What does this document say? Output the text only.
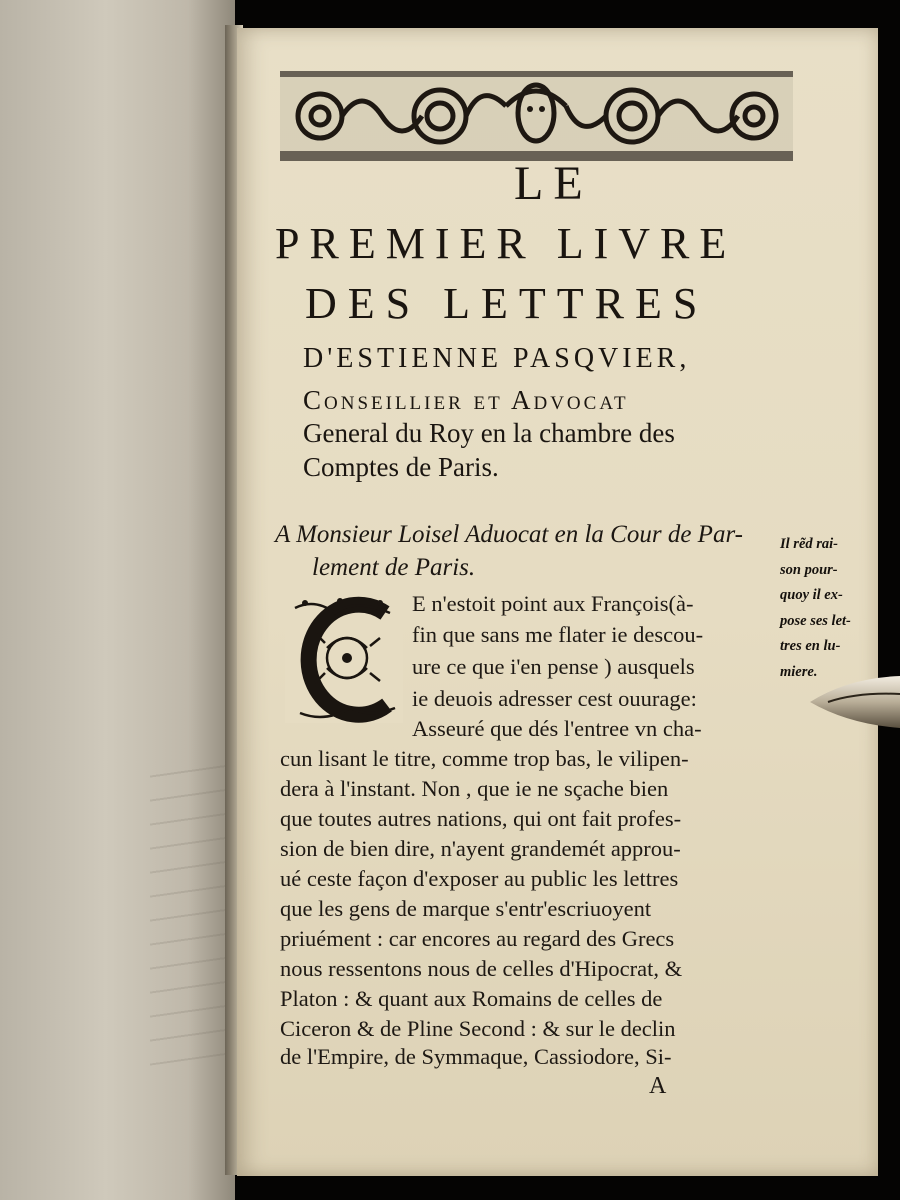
LE
PREMIER LIVRE
DES LETTRES
D'ESTIENNE PASQVIER,
Conseillier et Advocat
General du Roy en la chambre des
Comptes de Paris.
A Monsieur Loisel Aduocat en la Cour de Par-
lement de Paris.
E n'estoit point aux François(à-
fin que sans me flater ie descou-
ure ce que i'en pense ) ausquels
ie deuois adresser cest ouurage:
Asseuré que dés l'entree vn cha-
cun lisant le titre, comme trop bas, le vilipen-
dera à l'instant. Non , que ie ne sçache bien
que toutes autres nations, qui ont fait profes-
sion de bien dire, n'ayent grandemét approu-
ué ceste façon d'exposer au public les lettres
que les gens de marque s'entr'escriuoyent
priuément : car encores au regard des Grecs
nous ressentons nous de celles d'Hipocrat, &
Platon : & quant aux Romains de celles de
Ciceron & de Pline Second : & sur le declin
de l'Empire, de Symmaque, Cassiodore, Si-
A
Il rẽd rai-
son pour-
quoy il ex-
pose ses let-
tres en lu-
miere.
